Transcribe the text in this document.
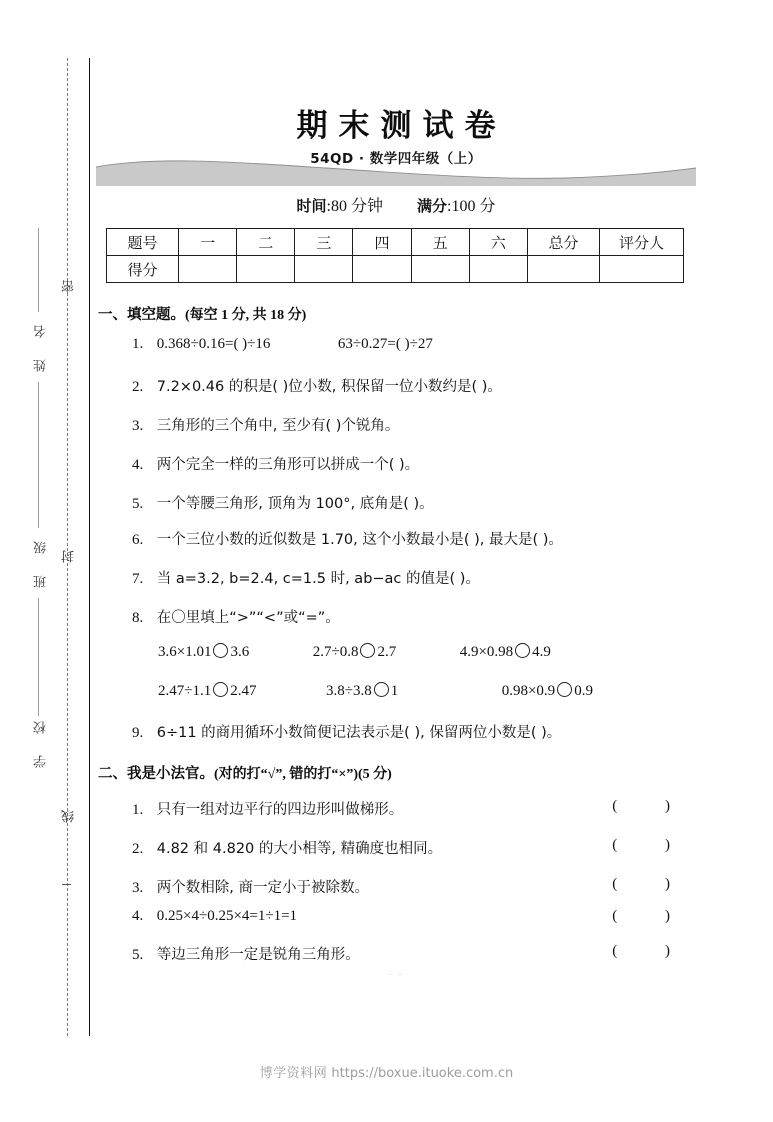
密
封
线
姓 名
班 级
学 校
期末测试卷
54QD · 数学四年级（上）
时间:80 分钟 满分:100 分
题号	一	二	三	四	五	六	总分	评分人
得分								
一、填空题。(每空 1 分, 共 18 分)
1. 0.368÷0.16=( )÷16	63÷0.27=( )÷27
2. 7.2×0.46 的积是( )位小数, 积保留一位小数约是( )。
3. 三角形的三个角中, 至少有( )个锐角。
4. 两个完全一样的三角形可以拼成一个( )。
5. 一个等腰三角形, 顶角为 100°, 底角是( )。
6. 一个三位小数的近似数是 1.70, 这个小数最小是( ), 最大是( )。
7. 当 a=3.2, b=2.4, c=1.5 时, ab−ac 的值是( )。
8. 在〇里填上“>”“<”或“=”。
3.6×1.01 3.6	2.7÷0.8 2.7	4.9×0.98 4.9
2.47÷1.1 2.47	3.8÷3.8 1	0.98×0.9 0.9
9. 6÷11 的商用循环小数简便记法表示是( ), 保留两位小数是( )。
二、我是小法官。(对的打“√”, 错的打“×”)(5 分)
1. 只有一组对边平行的四边形叫做梯形。	( )
2. 4.82 和 4.820 的大小相等, 精确度也相同。	( )
3. 两个数相除, 商一定小于被除数。	( )
4. 0.25×4÷0.25×4=1÷1=1	( )
5. 等边三角形一定是锐角三角形。	( )
- -
博学资料网 https://boxue.ituoke.com.cn
